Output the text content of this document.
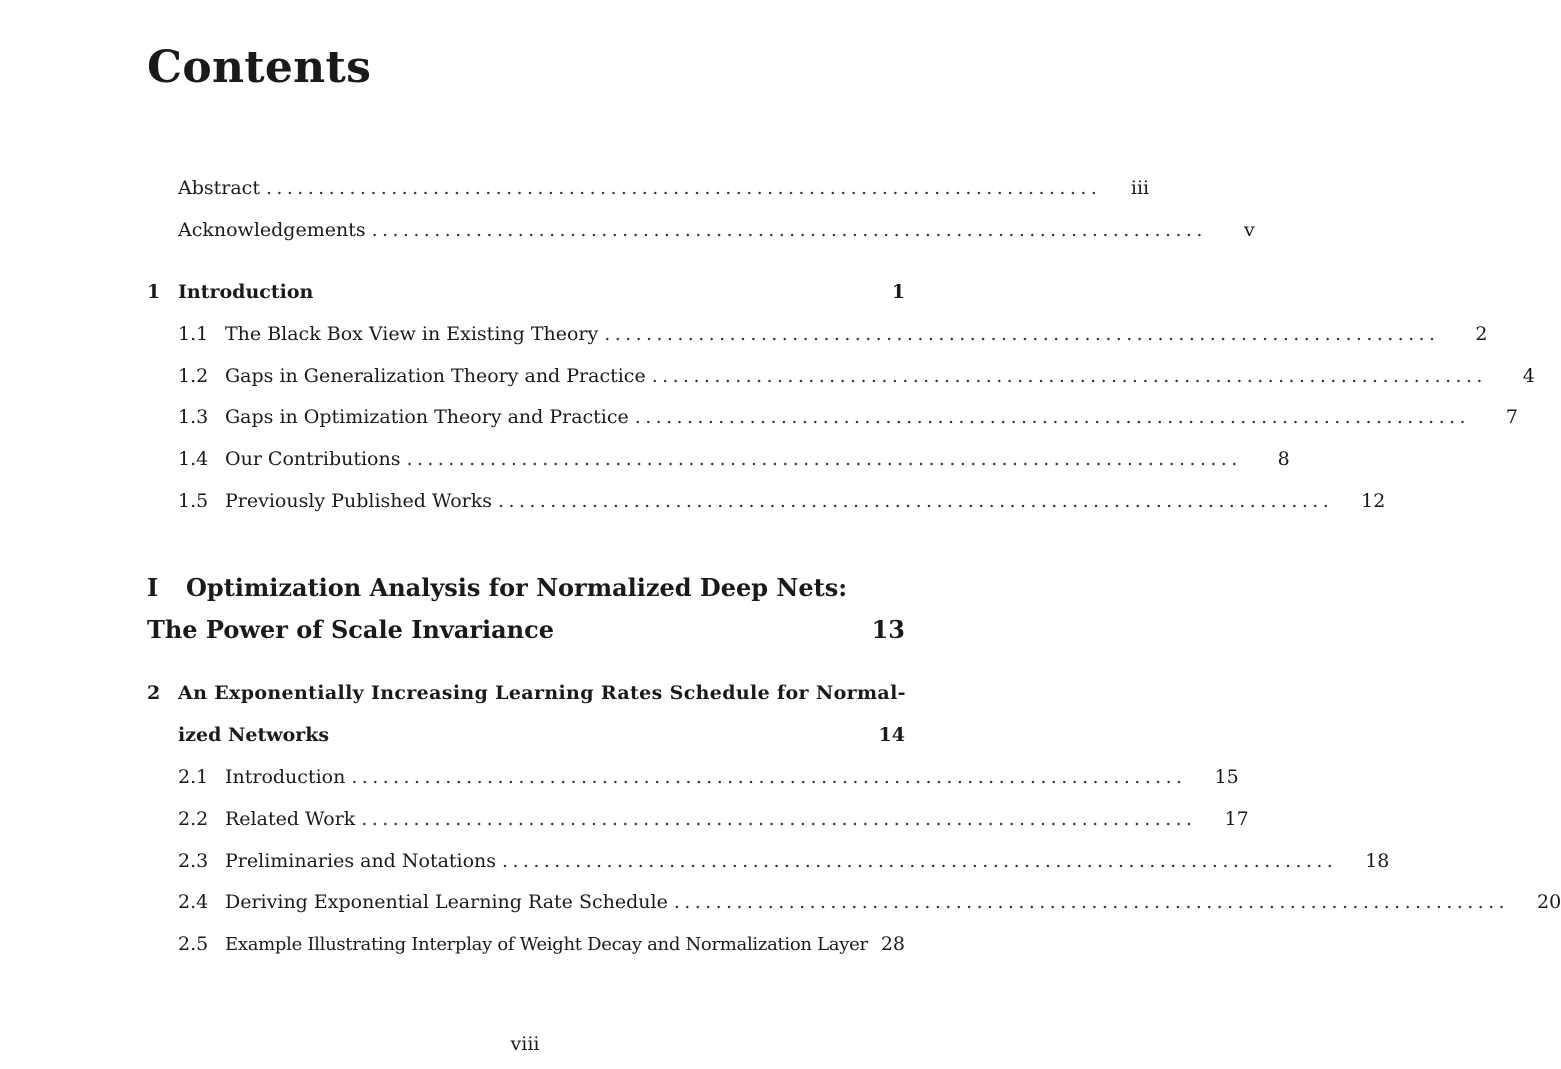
Contents
Abstract ................................................................................	iii
Acknowledgements ................................................................................	v
1 Introduction	1
1.1 The Black Box View in Existing Theory ................................................................................	2
1.2 Gaps in Generalization Theory and Practice ................................................................................	4
1.3 Gaps in Optimization Theory and Practice ................................................................................	7
1.4 Our Contributions ................................................................................	8
1.5 Previously Published Works ................................................................................	12
I	Optimization Analysis for Normalized Deep Nets:
The Power of Scale Invariance	13
2 An Exponentially Increasing Learning Rates Schedule for Normal-
ized Networks	14
2.1 Introduction ................................................................................	15
2.2 Related Work ................................................................................	17
2.3 Preliminaries and Notations ................................................................................	18
2.4 Deriving Exponential Learning Rate Schedule ................................................................................	20
2.5 Example Illustrating Interplay of Weight Decay and Normalization Layer 28
viii
